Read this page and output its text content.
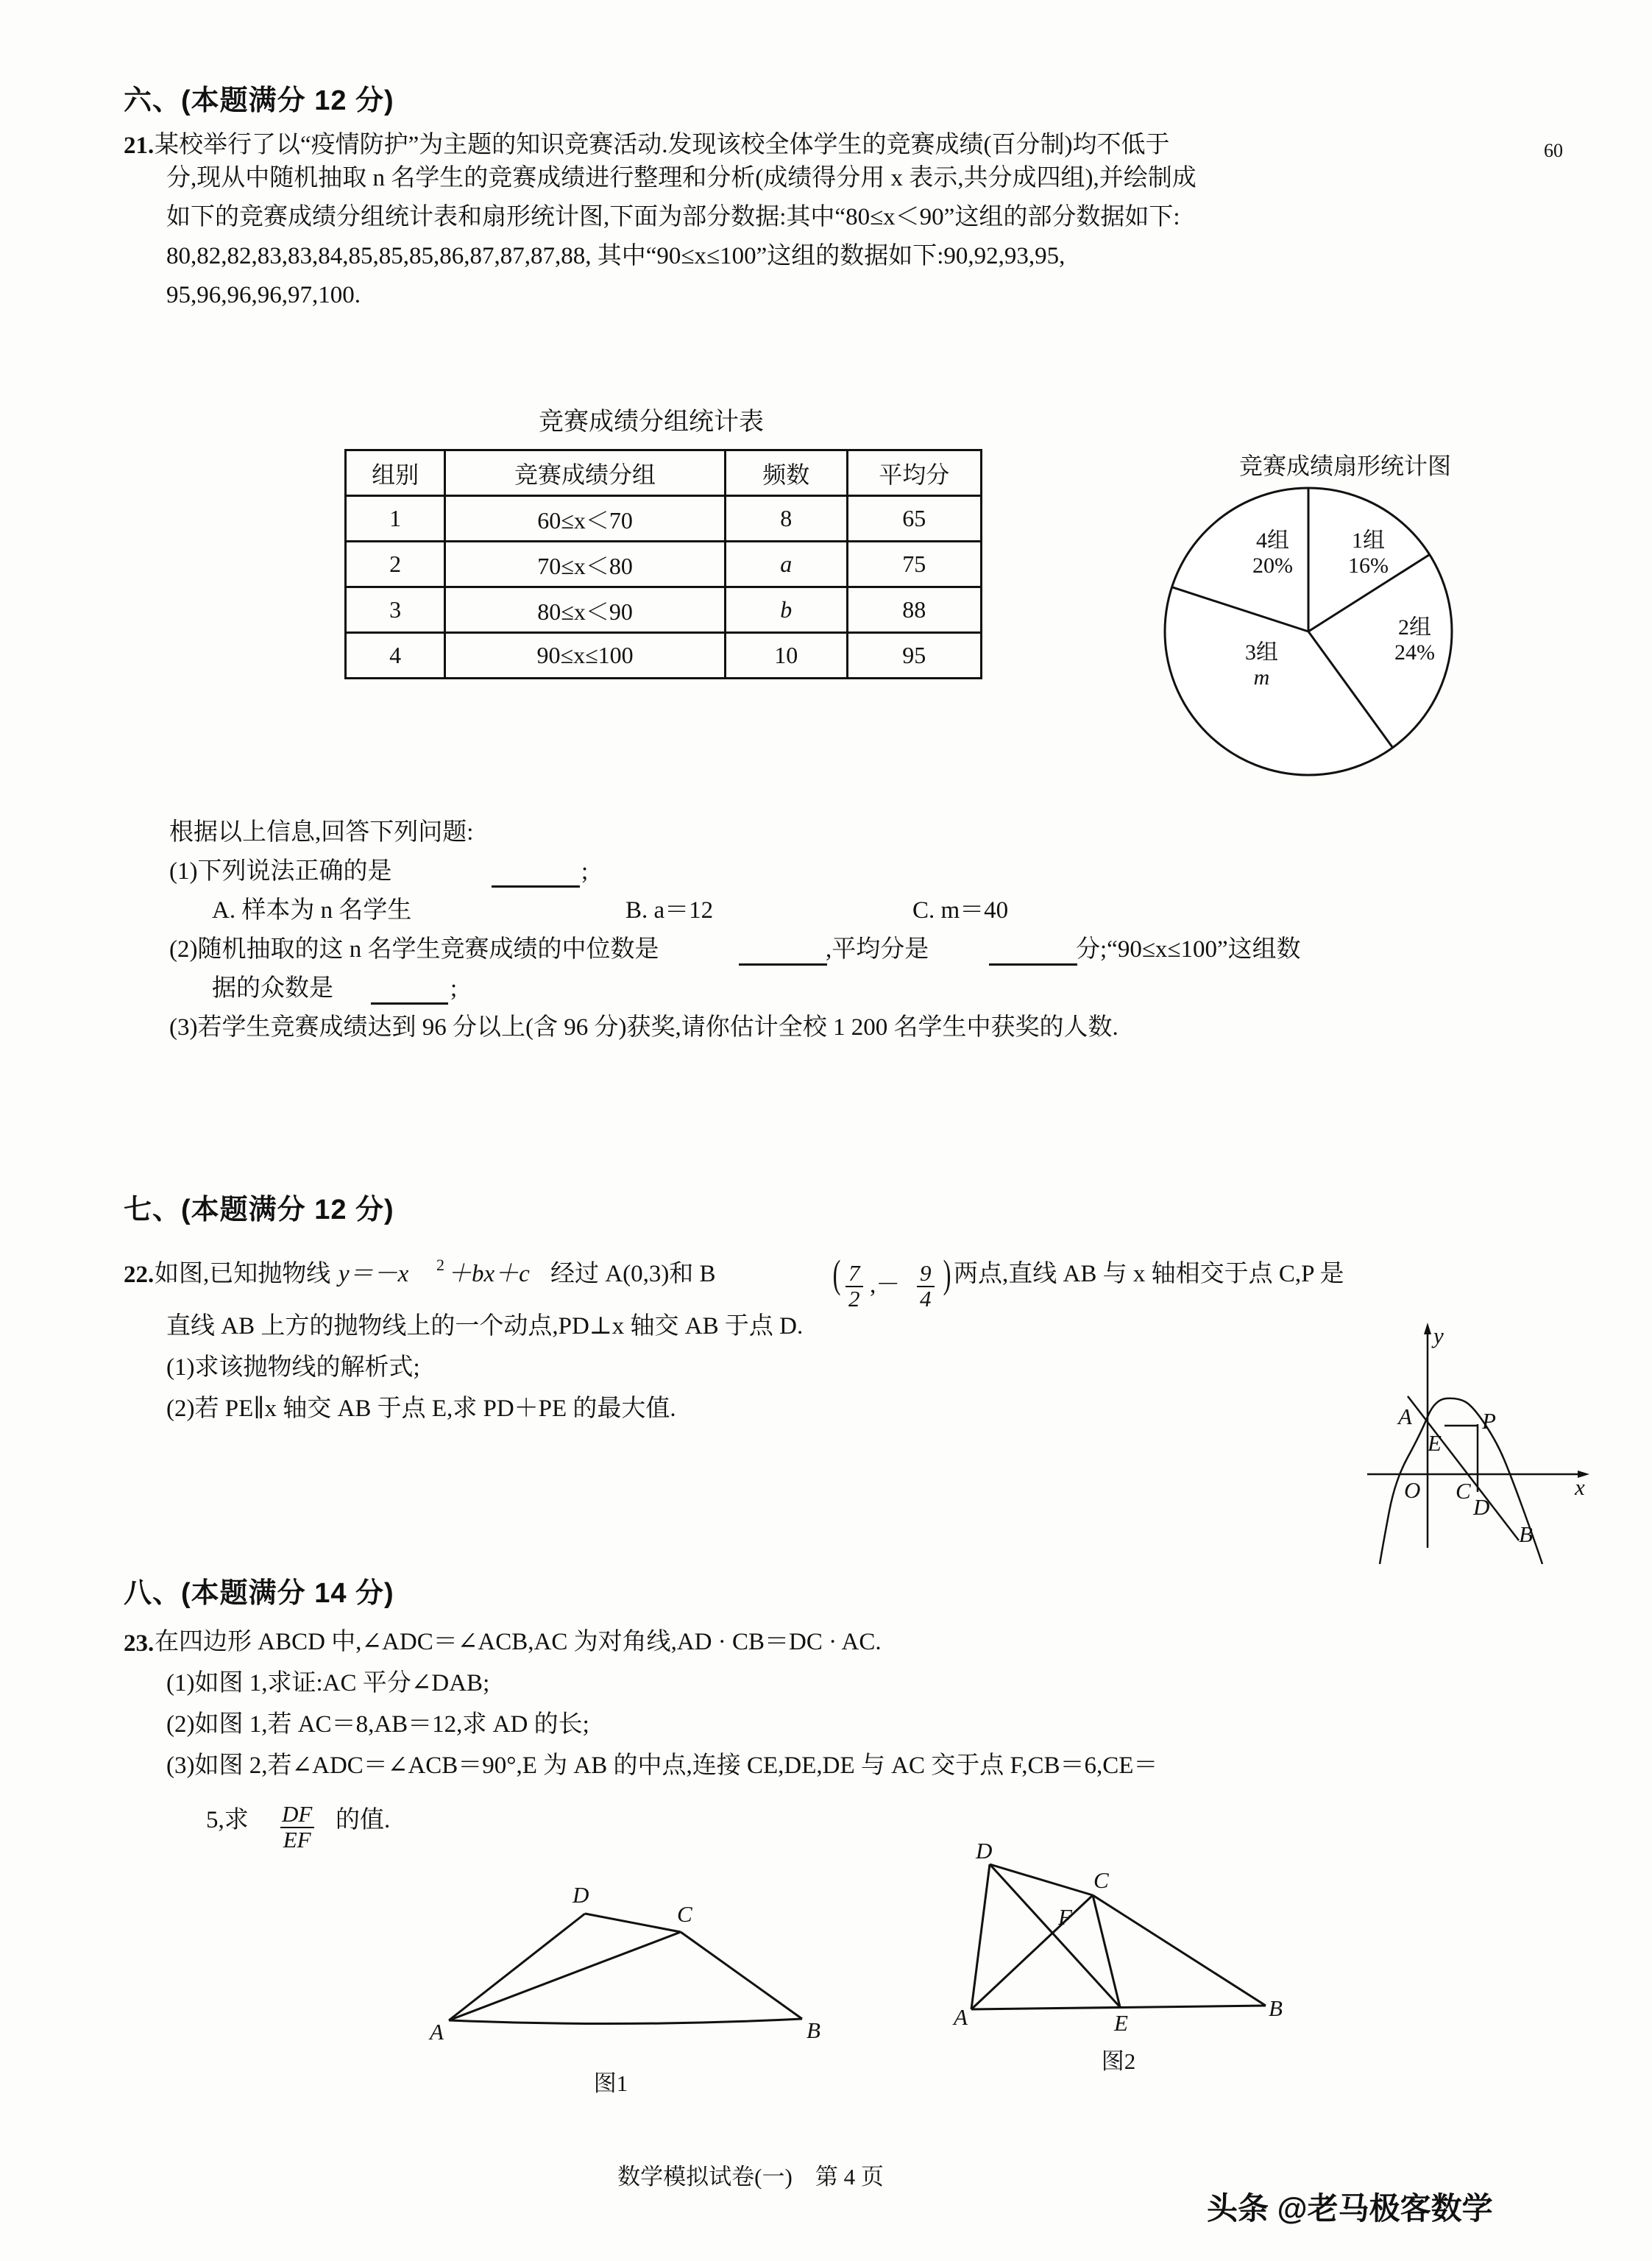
六、(本题满分 12 分)
21. 某校举行了以“疫情防护”为主题的知识竞赛活动.发现该校全体学生的竞赛成绩(百分制)均不低于	60
分,现从中随机抽取 n 名学生的竞赛成绩进行整理和分析(成绩得分用 x 表示,共分成四组),并绘制成
如下的竞赛成绩分组统计表和扇形统计图,下面为部分数据:其中“80≤x＜90”这组的部分数据如下:
80,82,82,83,83,84,85,85,85,86,87,87,87,88, 其中“90≤x≤100”这组的数据如下:90,92,93,95,
95,96,96,96,97,100.
竞赛成绩分组统计表
组别	竞赛成绩分组	频数	平均分
1	60≤x＜70	8	65
2	70≤x＜80	a	75
3	80≤x＜90	b	88
4	90≤x≤100	10	95
竞赛成绩扇形统计图
1组
16%
2组
24%
3组
m
4组
20%
根据以上信息,回答下列问题:
(1)下列说法正确的是	;
A. 样本为 n 名学生	B. a＝12	C. m＝40
(2)随机抽取的这 n 名学生竞赛成绩的中位数是	,平均分是	分;“90≤x≤100”这组数
据的众数是	;
(3)若学生竞赛成绩达到 96 分以上(含 96 分)获奖,请你估计全校 1 200 名学生中获奖的人数.
七、(本题满分 12 分)
22. 如图,已知抛物线 y＝－x 2 ＋bx＋c 经过 A(0,3)和 B	( $\frac{7}{2}$ ,－ $\frac{9}{4}$ ) 两点,直线 AB 与 x 轴相交于点 C,P 是
直线 AB 上方的抛物线上的一个动点,PD⊥x 轴交 AB 于点 D.
(1)求该抛物线的解析式;
(2)若 PE∥x 轴交 AB 于点 E,求 PD＋PE 的最大值.	A
E
P
O C
D
B
x
y
八、(本题满分 14 分)
23. 在四边形 ABCD 中,∠ADC＝∠ACB,AC 为对角线,AD · CB＝DC · AC.
(1)如图 1,求证:AC 平分∠DAB;
(2)如图 1,若 AC＝8,AB＝12,求 AD 的长;
(3)如图 2,若∠ADC＝∠ACB＝90°,E 为 AB 的中点,连接 CE,DE,DE 与 AC 交于点 F,CB＝6,CE＝
5,求 $\frac{DF}{EF}$ 的值.
A	B
C
D
图1
A	B
C
D
E
F
图2
数学模拟试卷(一)　第 4 页
头条 @老马极客数学
